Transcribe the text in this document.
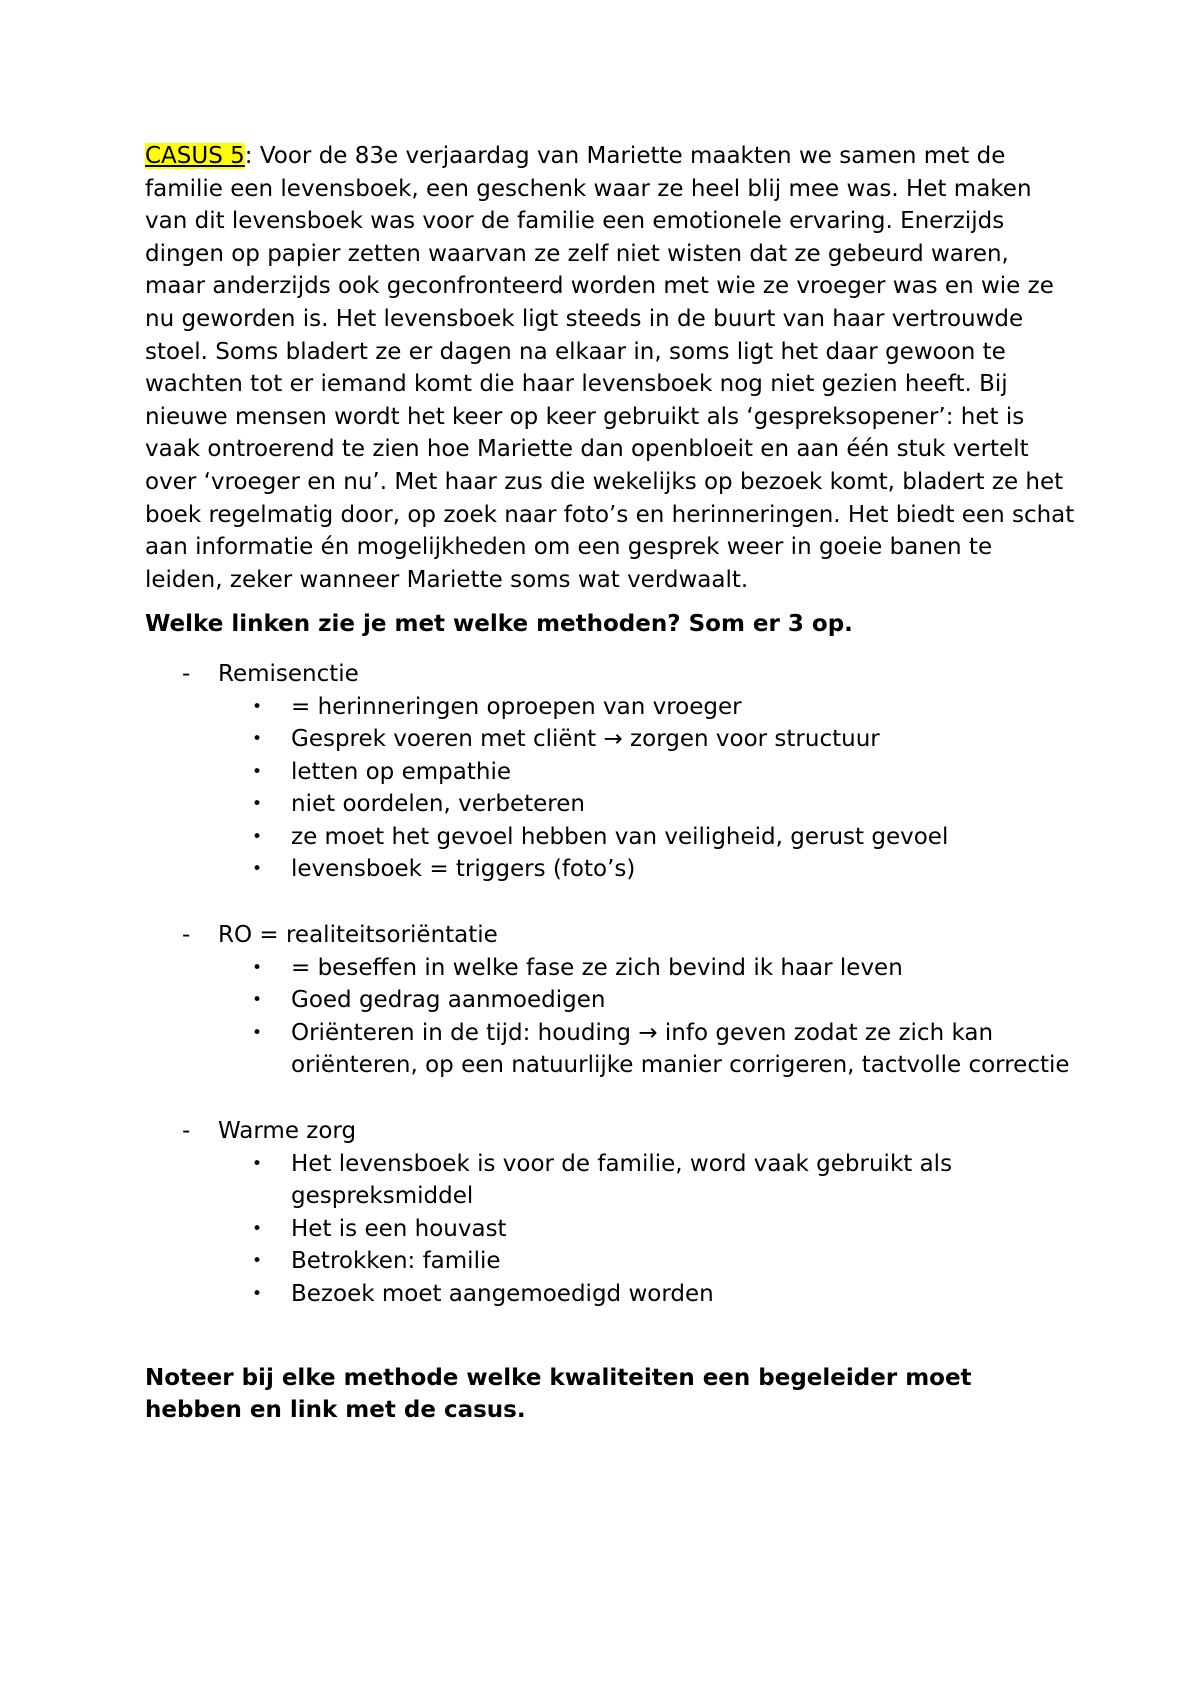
CASUS 5: Voor de 83e verjaardag van Mariette maakten we samen met de familie een levensboek, een geschenk waar ze heel blij mee was. Het maken van dit levensboek was voor de familie een emotionele ervaring. Enerzijds dingen op papier zetten waarvan ze zelf niet wisten dat ze gebeurd waren, maar anderzijds ook geconfronteerd worden met wie ze vroeger was en wie ze nu geworden is. Het levensboek ligt steeds in de buurt van haar vertrouwde stoel. Soms bladert ze er dagen na elkaar in, soms ligt het daar gewoon te wachten tot er iemand komt die haar levensboek nog niet gezien heeft. Bij nieuwe mensen wordt het keer op keer gebruikt als ‘gespreksopener’: het is vaak ontroerend te zien hoe Mariette dan openbloeit en aan één stuk vertelt over ‘vroeger en nu’. Met haar zus die wekelijks op bezoek komt, bladert ze het boek regelmatig door, op zoek naar foto’s en herinneringen. Het biedt een schat aan informatie én mogelijkheden om een gesprek weer in goeie banen te leiden, zeker wanneer Mariette soms wat verdwaalt.

Welke linken zie je met welke methoden? Som er 3 op.

- Remisenctie
• = herinneringen oproepen van vroeger
• Gesprek voeren met cliënt → zorgen voor structuur
• letten op empathie
• niet oordelen, verbeteren
• ze moet het gevoel hebben van veiligheid, gerust gevoel
• levensboek = triggers (foto’s)
- RO = realiteitsoriëntatie
• = beseffen in welke fase ze zich bevind ik haar leven
• Goed gedrag aanmoedigen
• Oriënteren in de tijd: houding → info geven zodat ze zich kan oriënteren, op een natuurlijke manier corrigeren, tactvolle correctie
- Warme zorg
• Het levensboek is voor de familie, word vaak gebruikt als gespreksmiddel
• Het is een houvast
• Betrokken: familie
• Bezoek moet aangemoedigd worden

Noteer bij elke methode welke kwaliteiten een begeleider moet hebben en link met de casus.
